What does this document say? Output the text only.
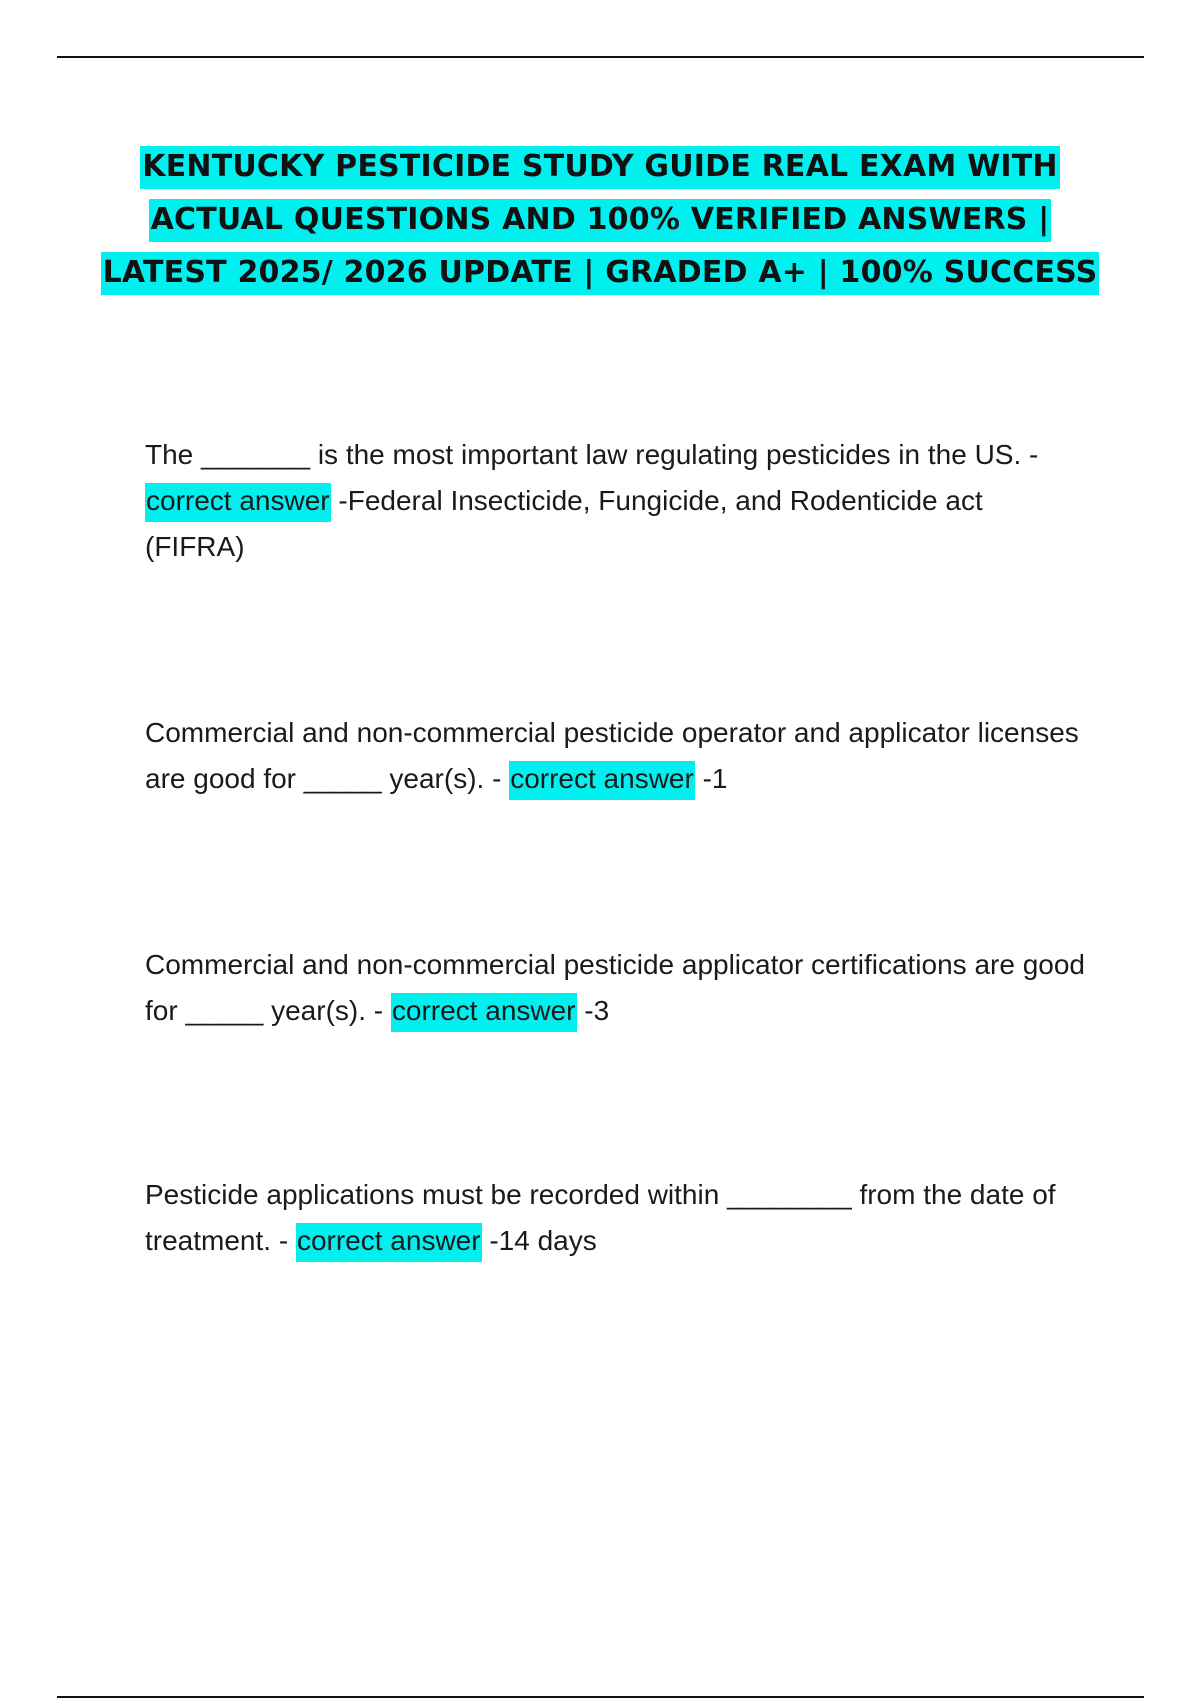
KENTUCKY PESTICIDE STUDY GUIDE REAL EXAM WITH ACTUAL QUESTIONS AND 100% VERIFIED ANSWERS | LATEST 2025/ 2026 UPDATE | GRADED A+ | 100% SUCCESS
The _______ is the most important law regulating pesticides in the US. - correct answer -Federal Insecticide, Fungicide, and Rodenticide act (FIFRA)
Commercial and non-commercial pesticide operator and applicator licenses are good for _____ year(s). - correct answer -1
Commercial and non-commercial pesticide applicator certifications are good for _____ year(s). - correct answer -3
Pesticide applications must be recorded within ________ from the date of treatment. - correct answer -14 days
